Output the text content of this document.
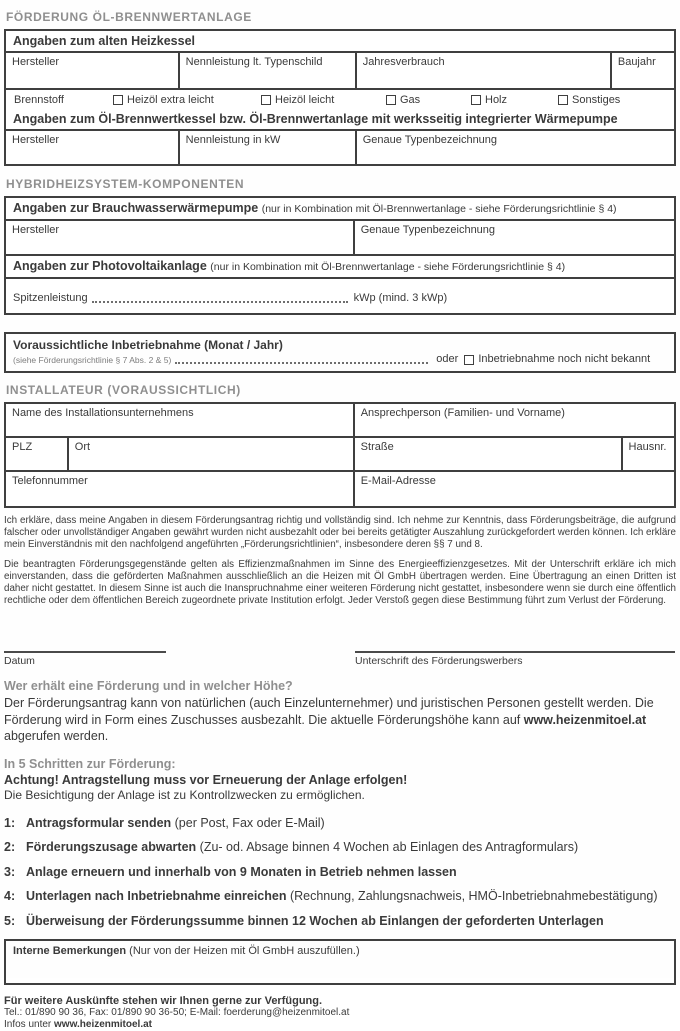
FÖRDERUNG ÖL-BRENNWERTANLAGE
Angaben zum alten Heizkessel
Hersteller	Nennleistung lt. Typenschild	Jahresverbrauch	Baujahr
Brennstoff	Heizöl extra leicht	Heizöl leicht	Gas	Holz	Sonstiges
Angaben zum Öl-Brennwertkessel bzw. Öl-Brennwertanlage mit werksseitig integrierter Wärmepumpe
Hersteller	Nennleistung in kW	Genaue Typenbezeichnung
HYBRIDHEIZSYSTEM-KOMPONENTEN
Angaben zur Brauchwasserwärmepumpe (nur in Kombination mit Öl-Brennwertanlage - siehe Förderungsrichtlinie § 4)
Hersteller	Genaue Typenbezeichnung
Angaben zur Photovoltaikanlage (nur in Kombination mit Öl-Brennwertanlage - siehe Förderungsrichtlinie § 4)
Spitzenleistung	kWp (mind. 3 kWp)
Voraussichtliche Inbetriebnahme (Monat / Jahr)
(siehe Förderungsrichtlinie § 7 Abs. 2 & 5)	oder Inbetriebnahme noch nicht bekannt
INSTALLATEUR (VORAUSSICHTLICH)
Name des Installationsunternehmens	Ansprechperson (Familien- und Vorname)
PLZ	Ort	Straße	Hausnr.
Telefonnummer	E-Mail-Adresse

Ich erkläre, dass meine Angaben in diesem Förderungsantrag richtig und vollständig sind. Ich nehme zur Kenntnis, dass Förderungsbeiträge, die aufgrund falscher oder unvollständiger Angaben gewährt wurden nicht ausbezahlt oder bei bereits getätigter Auszahlung zurückgefordert werden können. Ich erkläre mein Einverständnis mit den nachfolgend angeführten „Förderungsrichtlinien“, insbesondere deren §§ 7 und 8.

Die beantragten Förderungsgegenstände gelten als Effizienzmaßnahmen im Sinne des Energieeffizienzgesetzes. Mit der Unterschrift erkläre ich mich einverstanden, dass die geförderten Maßnahmen ausschließlich an die Heizen mit Öl GmbH übertragen werden. Eine Übertragung an einen Dritten ist daher nicht gestattet. In diesem Sinne ist auch die Inanspruchnahme einer weiteren Förderung nicht gestattet, insbesondere wenn sie durch eine öffentlich rechtliche oder dem öffentlichen Bereich zugeordnete private Institution erfolgt. Jeder Verstoß gegen diese Bestimmung führt zum Verlust der Förderung.

Datum	Unterschrift des Förderungswerbers
Wer erhält eine Förderung und in welcher Höhe?
Der Förderungsantrag kann von natürlichen (auch Einzelunternehmer) und juristischen Personen gestellt werden. Die Förderung wird in Form eines Zuschusses ausbezahlt. Die aktuelle Förderungshöhe kann auf www.heizenmitoel.at abgerufen werden.
In 5 Schritten zur Förderung:
Achtung! Antragstellung muss vor Erneuerung der Anlage erfolgen!
Die Besichtigung der Anlage ist zu Kontrollzwecken zu ermöglichen.
1: Antragsformular senden (per Post, Fax oder E-Mail)
2: Förderungszusage abwarten (Zu- od. Absage binnen 4 Wochen ab Einlagen des Antragformulars)
3: Anlage erneuern und innerhalb von 9 Monaten in Betrieb nehmen lassen
4: Unterlagen nach Inbetriebnahme einreichen (Rechnung, Zahlungsnachweis, HMÖ-Inbetriebnahmebestätigung)
5: Überweisung der Förderungssumme binnen 12 Wochen ab Einlangen der geforderten Unterlagen
Interne Bemerkungen (Nur von der Heizen mit Öl GmbH auszufüllen.)
Für weitere Auskünfte stehen wir Ihnen gerne zur Verfügung.
Tel.: 01/890 90 36, Fax: 01/890 90 36-50; E-Mail: foerderung@heizenmitoel.at
Infos unter www.heizenmitoel.at
